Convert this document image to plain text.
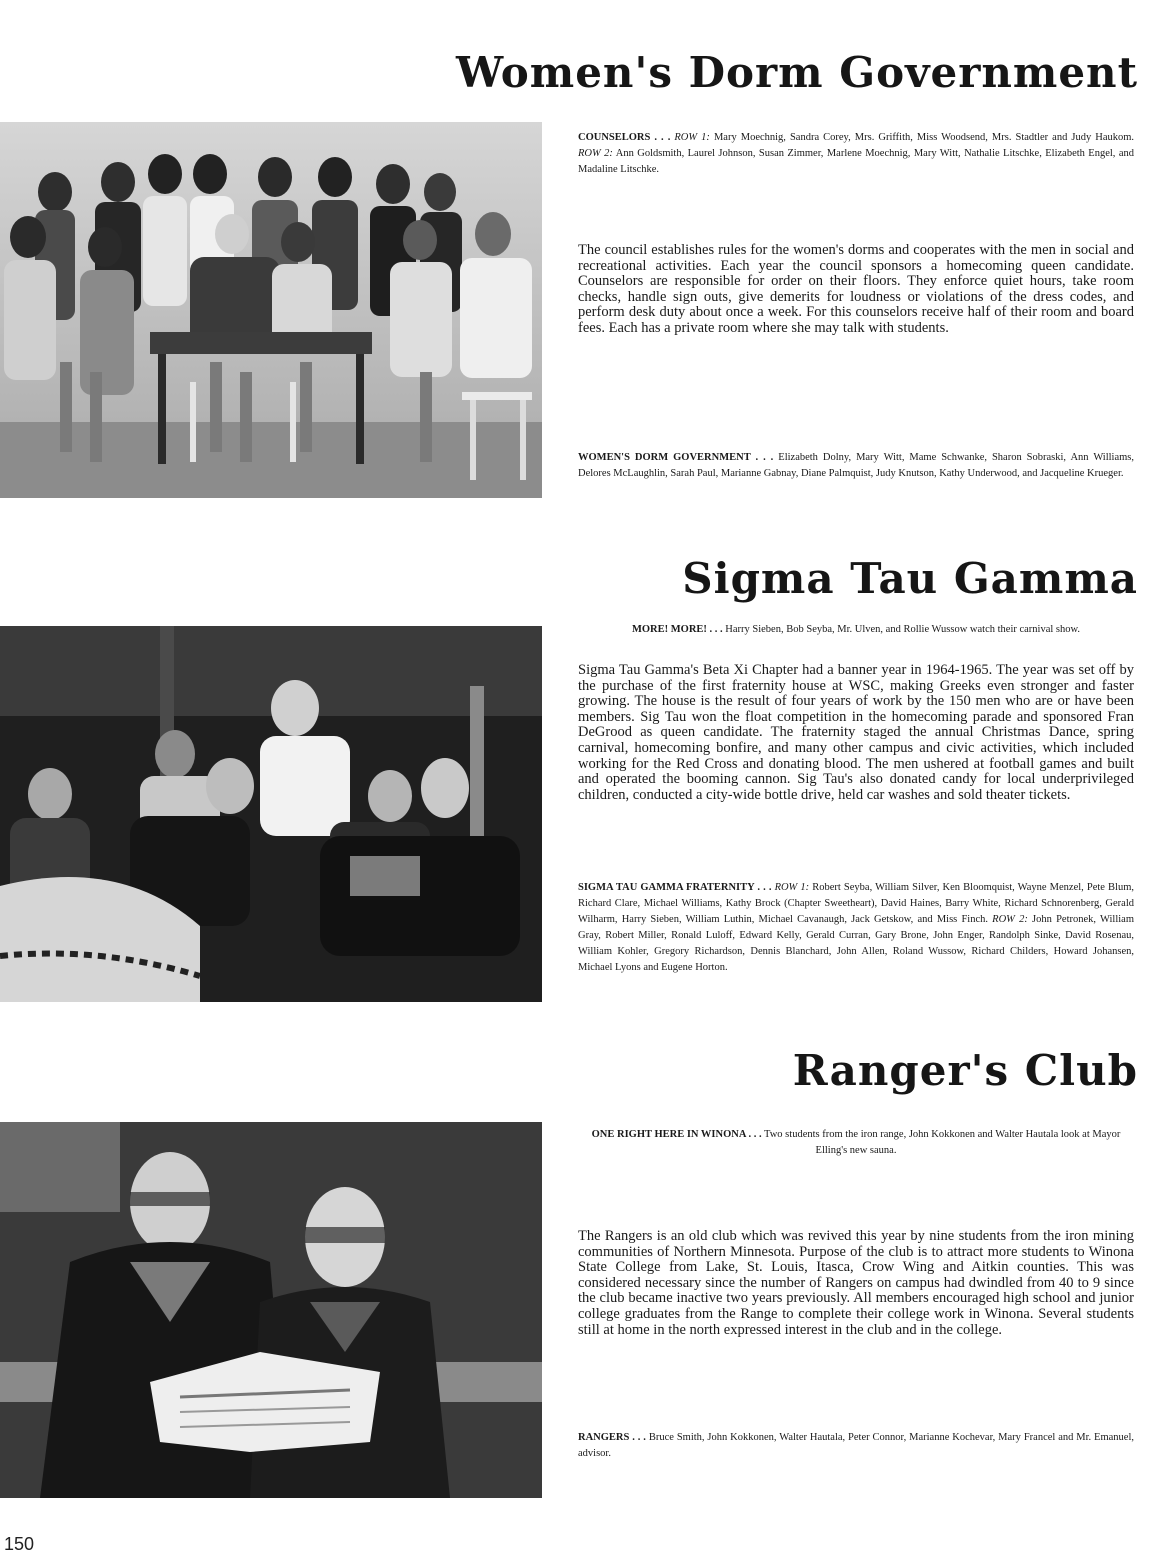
Women's Dorm Government

COUNSELORS . . . ROW 1: Mary Moechnig, Sandra Corey, Mrs. Griffith, Miss Woodsend, Mrs. Stadtler and Judy Haukom. ROW 2: Ann Goldsmith, Laurel Johnson, Susan Zimmer, Marlene Moechnig, Mary Witt, Nathalie Litschke, Elizabeth Engel, and Madaline Litschke.

The council establishes rules for the women's dorms and cooperates with the men in social and recreational activities. Each year the council sponsors a homecoming queen candidate. Counselors are responsible for order on their floors. They enforce quiet hours, take room checks, handle sign outs, give demerits for loudness or violations of the dress codes, and perform desk duty about once a week. For this counselors receive half of their room and board fees. Each has a private room where she may talk with students.

WOMEN'S DORM GOVERNMENT . . . Elizabeth Dolny, Mary Witt, Mame Schwanke, Sharon Sobraski, Ann Williams, Delores McLaughlin, Sarah Paul, Marianne Gabnay, Diane Palmquist, Judy Knutson, Kathy Underwood, and Jacqueline Krueger.

Sigma Tau Gamma

MORE! MORE! . . . Harry Sieben, Bob Seyba, Mr. Ulven, and Rollie Wussow watch their carnival show.

Sigma Tau Gamma's Beta Xi Chapter had a banner year in 1964-1965. The year was set off by the purchase of the first fraternity house at WSC, making Greeks even stronger and faster growing. The house is the result of four years of work by the 150 men who are or have been members. Sig Tau won the float competition in the homecoming parade and sponsored Fran DeGrood as queen candidate. The fraternity staged the annual Christmas Dance, spring carnival, homecoming bonfire, and many other campus and civic activities, which included working for the Red Cross and donating blood. The men ushered at football games and built and operated the booming cannon. Sig Tau's also donated candy for local underprivileged children, conducted a city-wide bottle drive, held car washes and sold theater tickets.

SIGMA TAU GAMMA FRATERNITY . . . ROW 1: Robert Seyba, William Silver, Ken Bloomquist, Wayne Menzel, Pete Blum, Richard Clare, Michael Williams, Kathy Brock (Chapter Sweetheart), David Haines, Barry White, Richard Schnorenberg, Gerald Wilharm, Harry Sieben, William Luthin, Michael Cavanaugh, Jack Getskow, and Miss Finch. ROW 2: John Petronek, William Gray, Robert Miller, Ronald Luloff, Edward Kelly, Gerald Curran, Gary Brone, John Enger, Randolph Sinke, David Rosenau, William Kohler, Gregory Richardson, Dennis Blanchard, John Allen, Roland Wussow, Richard Childers, Howard Johansen, Michael Lyons and Eugene Horton.

Ranger's Club

ONE RIGHT HERE IN WINONA . . . Two students from the iron range, John Kokkonen and Walter Hautala look at Mayor Elling's new sauna.

The Rangers is an old club which was revived this year by nine students from the iron mining communities of Northern Minnesota. Purpose of the club is to attract more students to Winona State College from Lake, St. Louis, Itasca, Crow Wing and Aitkin counties. This was considered necessary since the number of Rangers on campus had dwindled from 40 to 9 since the club became inactive two years previously. All members encouraged high school and junior college graduates from the Range to complete their college work in Winona. Several students still at home in the north expressed interest in the club and in the college.

RANGERS . . . Bruce Smith, John Kokkonen, Walter Hautala, Peter Connor, Marianne Kochevar, Mary Francel and Mr. Emanuel, advisor.

150
